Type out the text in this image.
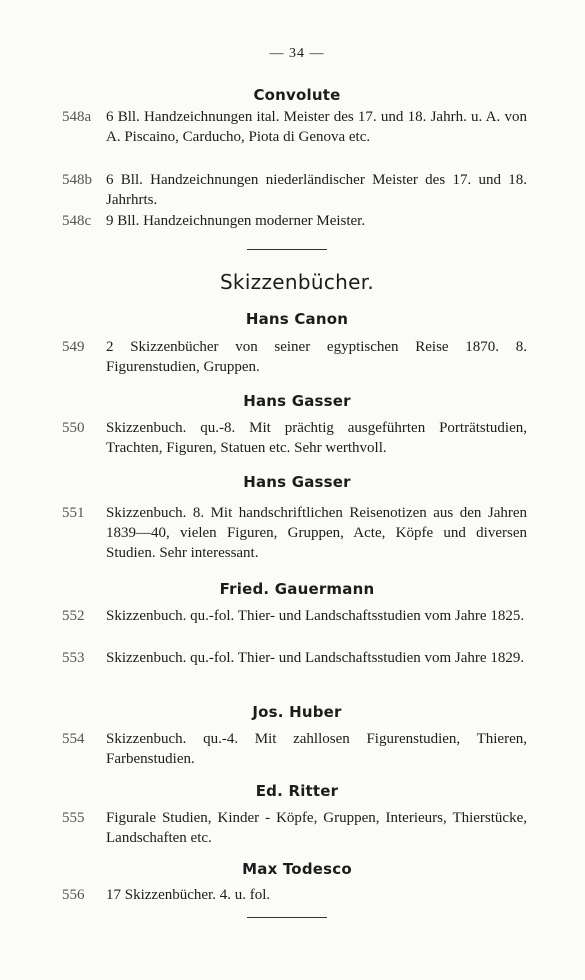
— 34 —
Convolute
548a 6 Bll. Handzeichnungen ital. Meister des 17. und 18. Jahrh. u. A. von A. Piscaino, Carducho, Piota di Genova etc.
548b 6 Bll. Handzeichnungen niederländischer Meister des 17. und 18. Jahrhrts.
548c 9 Bll. Handzeichnungen moderner Meister.
Skizzenbücher.
Hans Canon
549 2 Skizzenbücher von seiner egyptischen Reise 1870. 8. Figurenstudien, Gruppen.
Hans Gasser
550 Skizzenbuch. qu.-8. Mit prächtig ausgeführten Porträtstudien, Trachten, Figuren, Statuen etc. Sehr werthvoll.
Hans Gasser
551 Skizzenbuch. 8. Mit handschriftlichen Reisenotizen aus den Jahren 1839—40, vielen Figuren, Gruppen, Acte, Köpfe und diversen Studien. Sehr interessant.
Fried. Gauermann
552 Skizzenbuch. qu.-fol. Thier- und Landschaftsstudien vom Jahre 1825.
553 Skizzenbuch. qu.-fol. Thier- und Landschaftsstudien vom Jahre 1829.
Jos. Huber
554 Skizzenbuch. qu.-4. Mit zahllosen Figurenstudien, Thieren, Farbenstudien.
Ed. Ritter
555 Figurale Studien, Kinder - Köpfe, Gruppen, Interieurs, Thierstücke, Landschaften etc.
Max Todesco
556 17 Skizzenbücher. 4. u. fol.
